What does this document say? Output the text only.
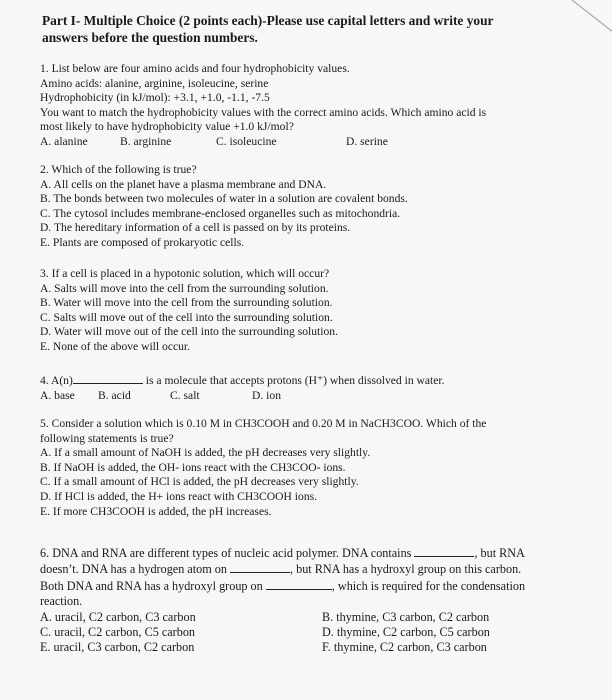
Part I- Multiple Choice (2 points each)-Please use capital letters and write your
answers before the question numbers.
1. List below are four amino acids and four hydrophobicity values.
Amino acids: alanine, arginine, isoleucine, serine
Hydrophobicity (in kJ/mol): +3.1, +1.0, -1.1, -7.5
You want to match the hydrophobicity values with the correct amino acids. Which amino acid is
most likely to have hydrophobicity value +1.0 kJ/mol?
A. alanine	B. arginine	C. isoleucine	D. serine
2. Which of the following is true?
A. All cells on the planet have a plasma membrane and DNA.
B. The bonds between two molecules of water in a solution are covalent bonds.
C. The cytosol includes membrane-enclosed organelles such as mitochondria.
D. The hereditary information of a cell is passed on by its proteins.
E. Plants are composed of prokaryotic cells.
3. If a cell is placed in a hypotonic solution, which will occur?
A. Salts will move into the cell from the surrounding solution.
B. Water will move into the cell from the surrounding solution.
C. Salts will move out of the cell into the surrounding solution.
D. Water will move out of the cell into the surrounding solution.
E. None of the above will occur.
4. A(n)	is a molecule that accepts protons (H⁺) when dissolved in water.
A. base	B. acid	C. salt	D. ion
5. Consider a solution which is 0.10 M in CH3COOH and 0.20 M in NaCH3COO. Which of the
following statements is true?
A. If a small amount of NaOH is added, the pH decreases very slightly.
B. If NaOH is added, the OH- ions react with the CH3COO- ions.
C. If a small amount of HCl is added, the pH decreases very slightly.
D. If HCl is added, the H+ ions react with CH3COOH ions.
E. If more CH3COOH is added, the pH increases.
6. DNA and RNA are different types of nucleic acid polymer. DNA contains	, but RNA
doesn’t. DNA has a hydrogen atom on	, but RNA has a hydroxyl group on this carbon.
Both DNA and RNA has a hydroxyl group on	, which is required for the condensation
reaction.
A. uracil, C2 carbon, C3 carbon	B. thymine, C3 carbon, C2 carbon
C. uracil, C2 carbon, C5 carbon	D. thymine, C2 carbon, C5 carbon
E. uracil, C3 carbon, C2 carbon	F. thymine, C2 carbon, C3 carbon
